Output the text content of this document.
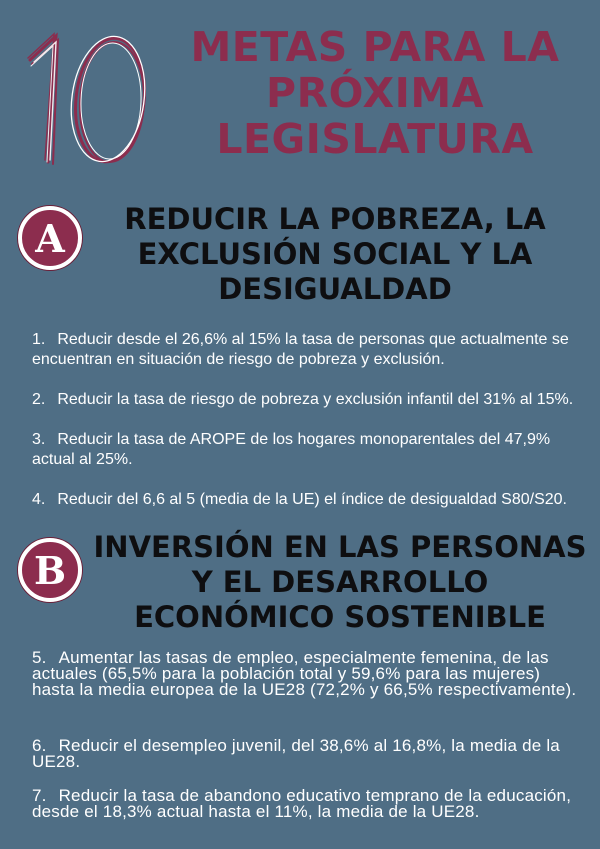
METAS PARA LA
PRÓXIMA
LEGISLATURA
A	REDUCIR LA POBREZA, LA
EXCLUSIÓN SOCIAL Y LA
DESIGUALDAD
1. Reducir desde el 26,6% al 15% la tasa de personas que actualmente se encuentran en situación de riesgo de pobreza y exclusión.
2. Reducir la tasa de riesgo de pobreza y exclusión infantil del 31% al 15%.
3. Reducir la tasa de AROPE de los hogares monoparentales del 47,9% actual al 25%.
4. Reducir del 6,6 al 5 (media de la UE) el índice de desigualdad S80/S20.
B
INVERSIÓN EN LAS PERSONAS
Y EL DESARROLLO
ECONÓMICO SOSTENIBLE
5. Aumentar las tasas de empleo, especialmente femenina, de las actuales (65,5% para la población total y 59,6% para las mujeres) hasta la media europea de la UE28 (72,2% y 66,5% respectivamente).
6. Reducir el desempleo juvenil, del 38,6% al 16,8%, la media de la UE28.
7. Reducir la tasa de abandono educativo temprano de la educación, desde el 18,3% actual hasta el 11%, la media de la UE28.
